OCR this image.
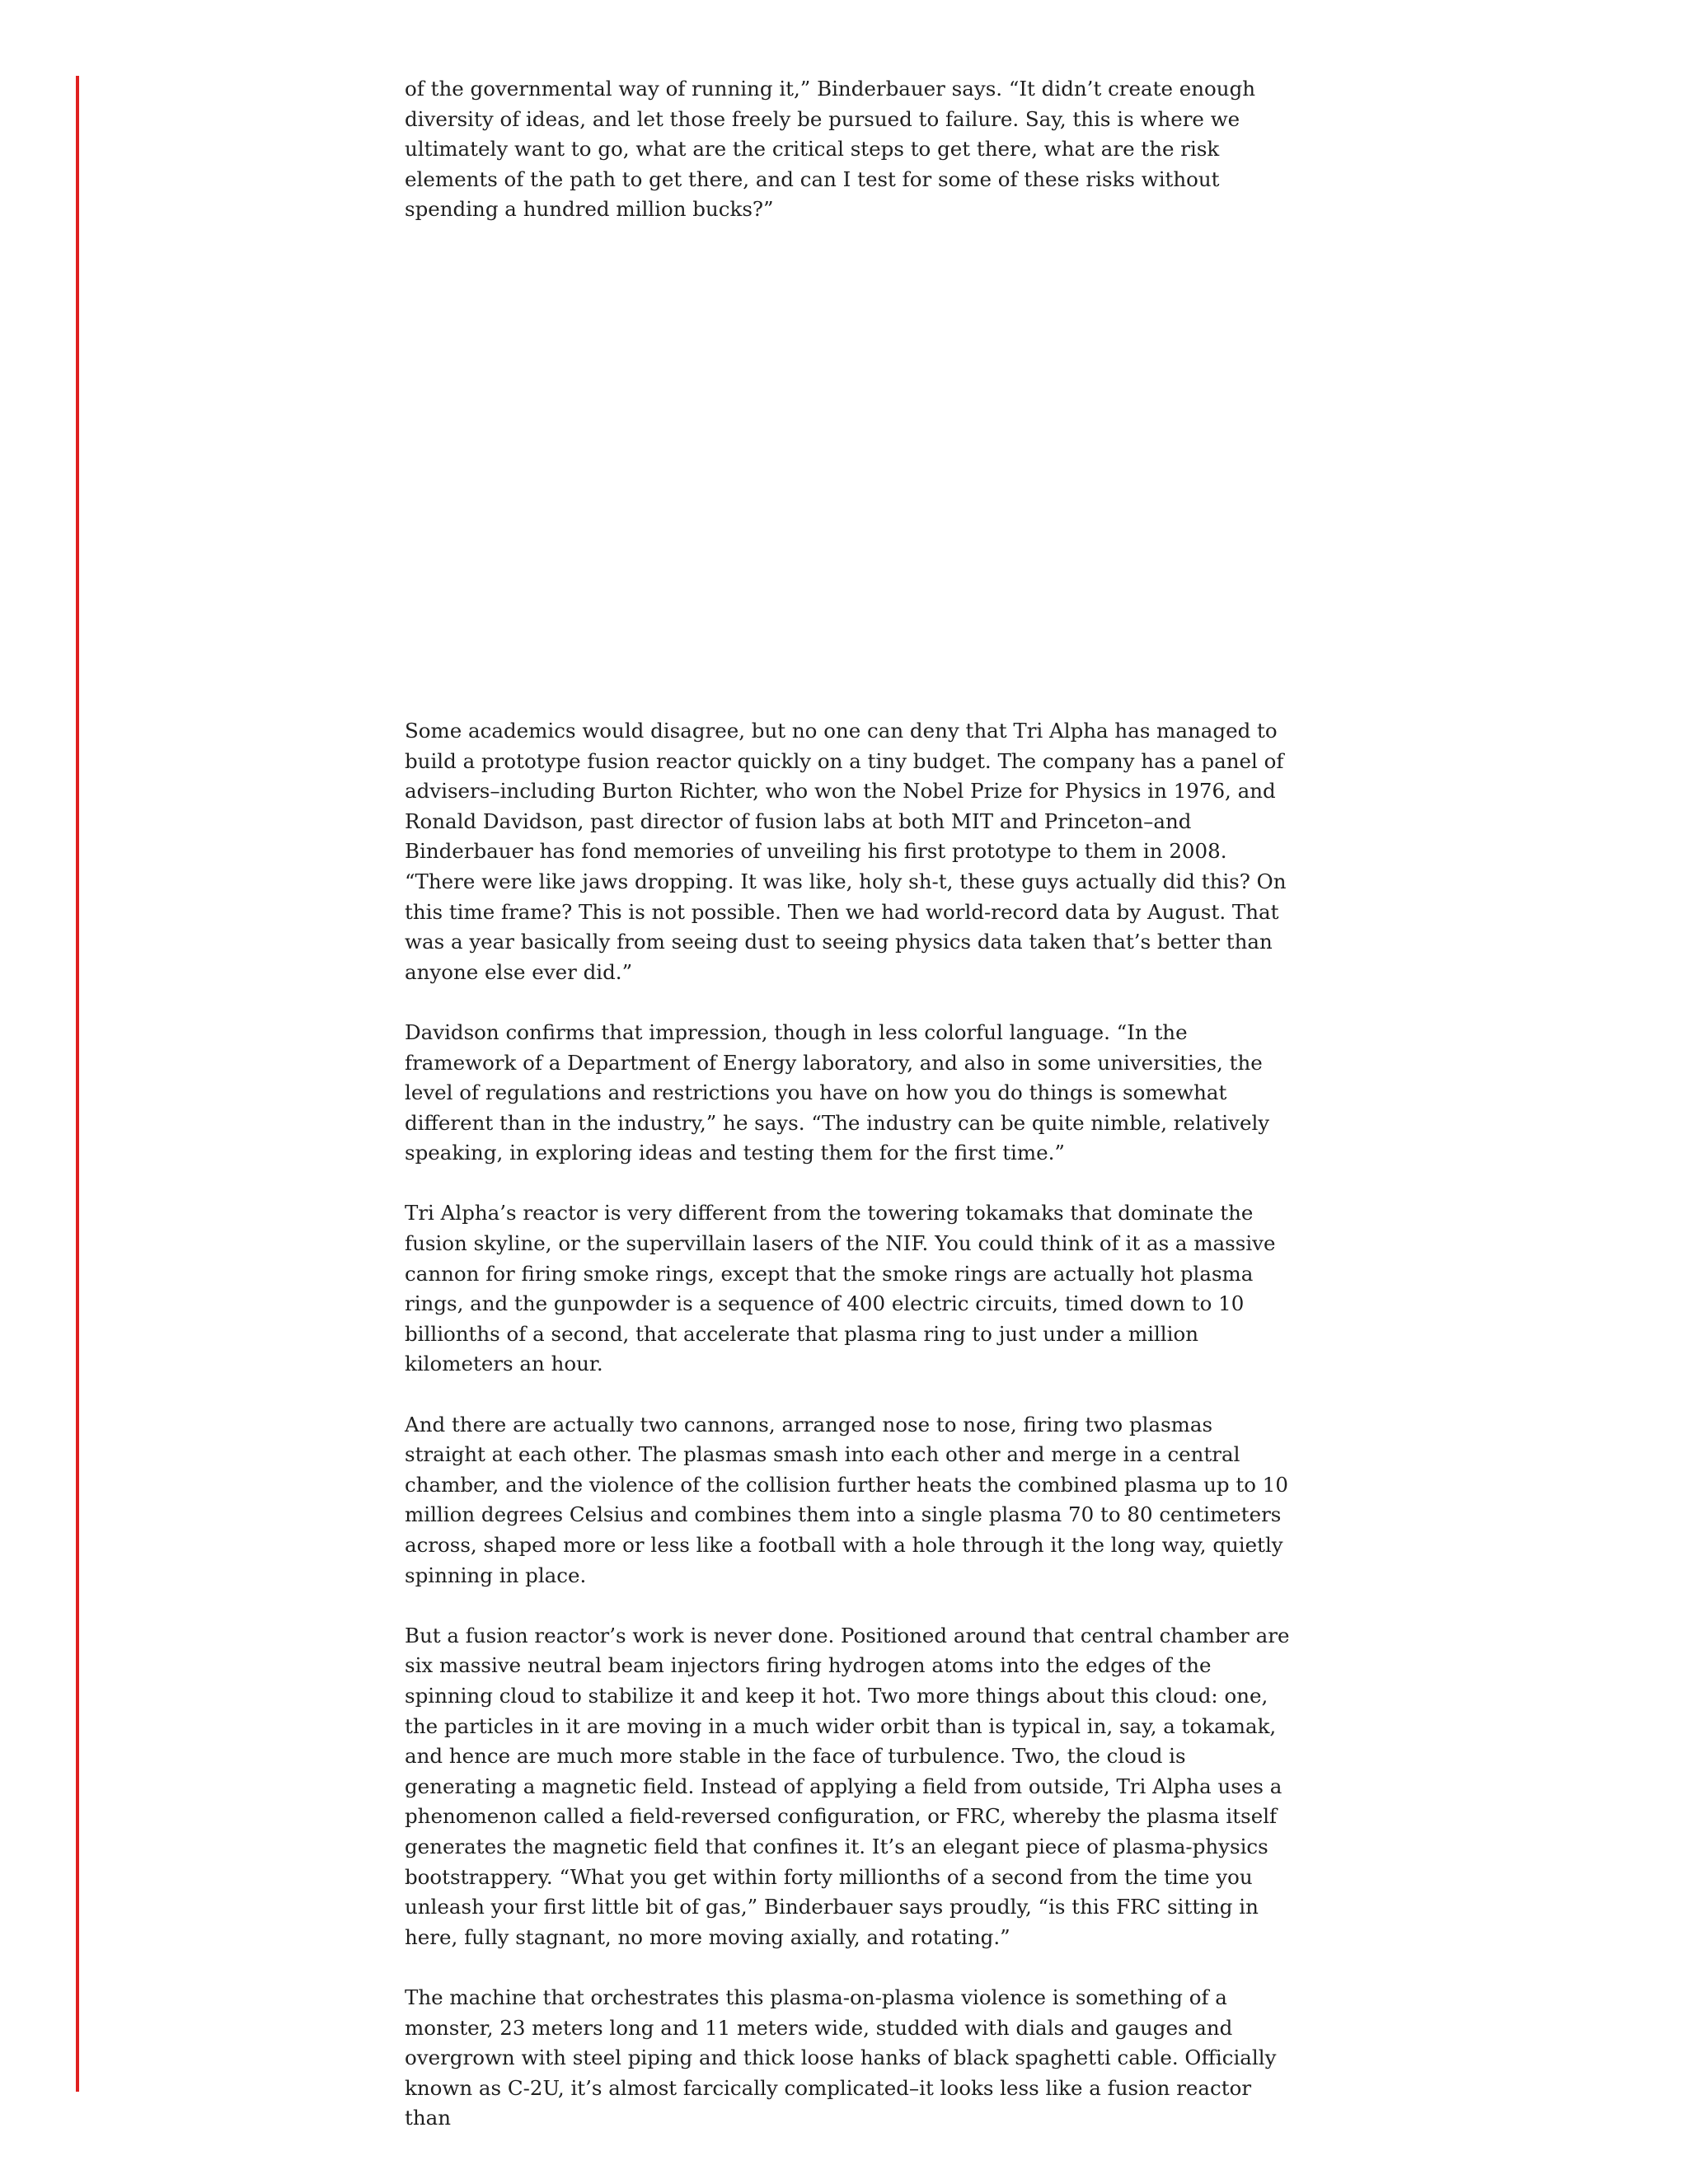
of the governmental way of running it,” Binderbauer says. “It didn’t create enough diversity of ideas, and let those freely be pursued to failure. Say, this is where we ultimately want to go, what are the critical steps to get there, what are the risk elements of the path to get there, and can I test for some of these risks without spending a hundred million bucks?”

Some academics would disagree, but no one can deny that Tri Alpha has managed to build a prototype fusion reactor quickly on a tiny budget. The company has a panel of advisers–including Burton Richter, who won the Nobel Prize for Physics in 1976, and Ronald Davidson, past director of fusion labs at both MIT and Princeton–and Binderbauer has fond memories of unveiling his first prototype to them in 2008. “There were like jaws dropping. It was like, holy sh-t, these guys actually did this? On this time frame? This is not possible. Then we had world-record data by August. That was a year basically from seeing dust to seeing physics data taken that’s better than anyone else ever did.”

Davidson confirms that impression, though in less colorful language. “In the framework of a Department of Energy laboratory, and also in some universities, the level of regulations and restrictions you have on how you do things is somewhat different than in the industry,” he says. “The industry can be quite nimble, relatively speaking, in exploring ideas and testing them for the first time.”

Tri Alpha’s reactor is very different from the towering tokamaks that dominate the fusion skyline, or the supervillain lasers of the NIF. You could think of it as a massive cannon for firing smoke rings, except that the smoke rings are actually hot plasma rings, and the gunpowder is a sequence of 400 electric circuits, timed down to 10 billionths of a second, that accelerate that plasma ring to just under a million kilometers an hour.

And there are actually two cannons, arranged nose to nose, firing two plasmas straight at each other. The plasmas smash into each other and merge in a central chamber, and the violence of the collision further heats the combined plasma up to 10 million degrees Celsius and combines them into a single plasma 70 to 80 centimeters across, shaped more or less like a football with a hole through it the long way, quietly spinning in place.

But a fusion reactor’s work is never done. Positioned around that central chamber are six massive neutral beam injectors firing hydrogen atoms into the edges of the spinning cloud to stabilize it and keep it hot. Two more things about this cloud: one, the particles in it are moving in a much wider orbit than is typical in, say, a tokamak, and hence are much more stable in the face of turbulence. Two, the cloud is generating a magnetic field. Instead of applying a field from outside, Tri Alpha uses a phenomenon called a field-reversed configuration, or FRC, whereby the plasma itself generates the magnetic field that confines it. It’s an elegant piece of plasma-physics bootstrappery. “What you get within forty millionths of a second from the time you unleash your first little bit of gas,” Binderbauer says proudly, “is this FRC sitting in here, fully stagnant, no more moving axially, and rotating.”

The machine that orchestrates this plasma-on-plasma violence is something of a monster, 23 meters long and 11 meters wide, studded with dials and gauges and overgrown with steel piping and thick loose hanks of black spaghetti cable. Officially known as C-2U, it’s almost farcically complicated–it looks less like a fusion reactor than
